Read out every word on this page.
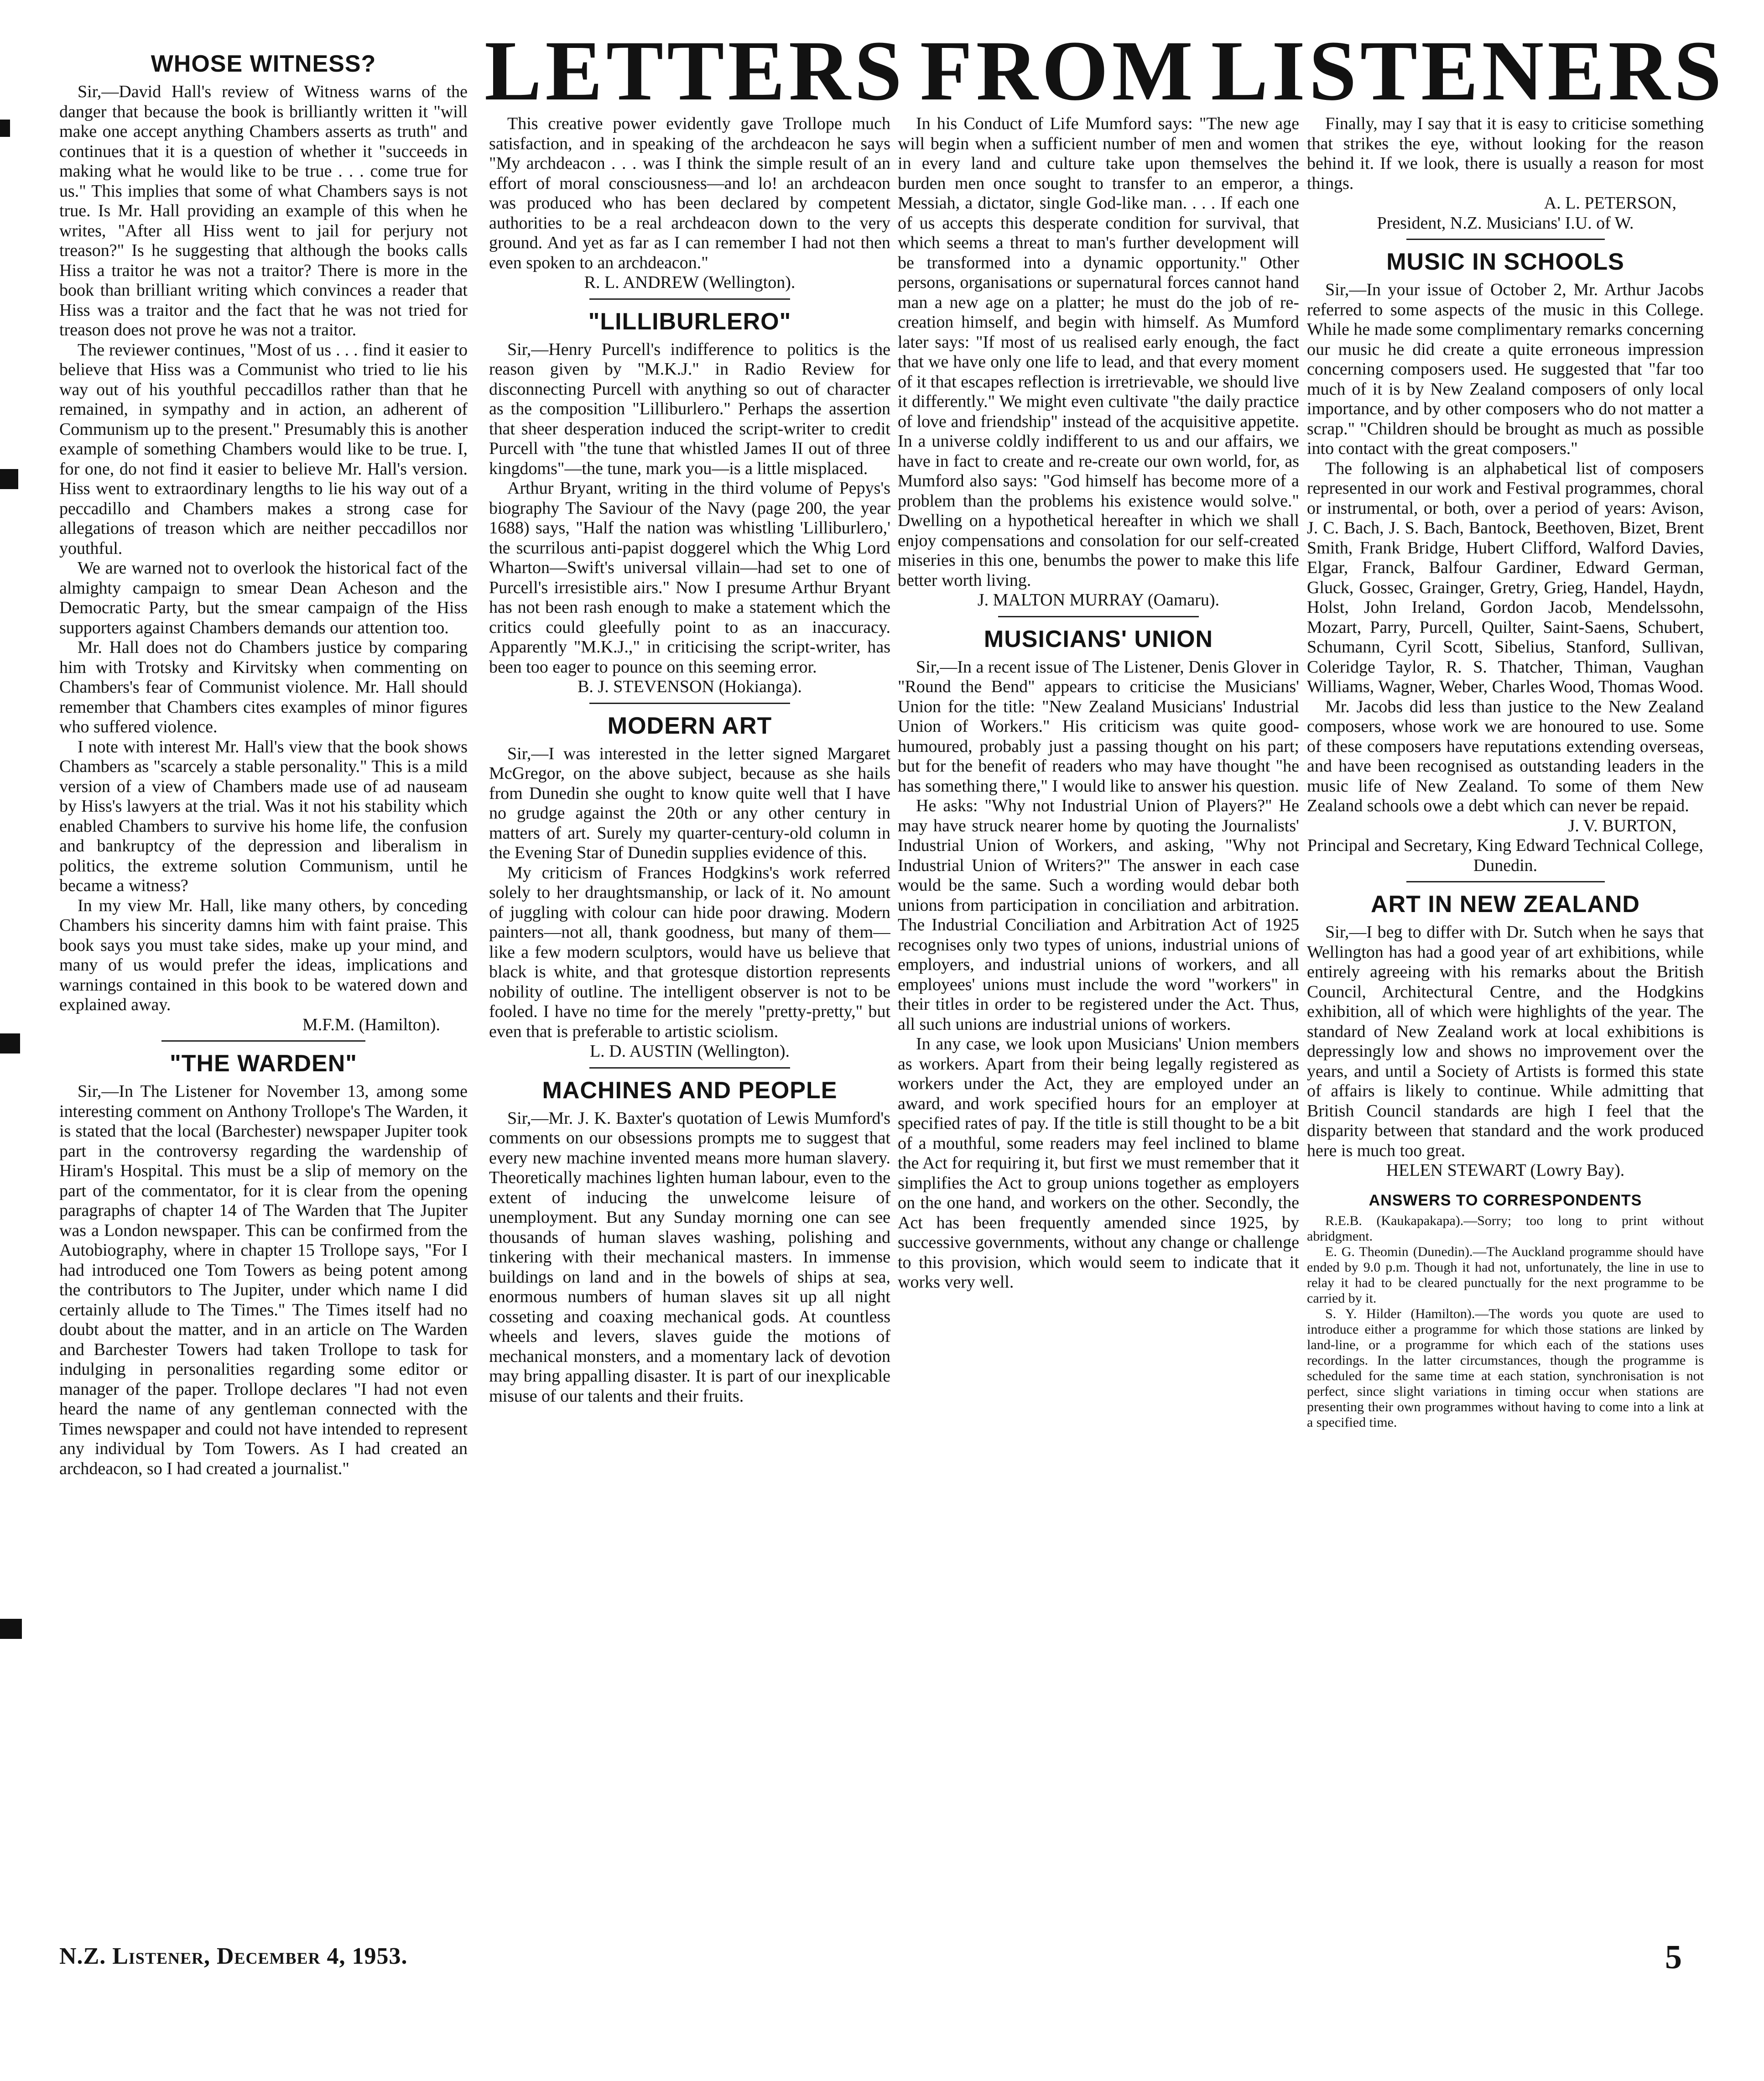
LETTERS FROM LISTENERS
WHOSE WITNESS?

Sir,—David Hall's review of Witness warns of the danger that because the book is brilliantly written it "will make one accept anything Chambers asserts as truth" and continues that it is a question of whether it "succeeds in making what he would like to be true . . . come true for us." This implies that some of what Chambers says is not true. Is Mr. Hall providing an example of this when he writes, "After all Hiss went to jail for perjury not treason?" Is he suggesting that although the books calls Hiss a traitor he was not a traitor? There is more in the book than brilliant writing which convinces a reader that Hiss was a traitor and the fact that he was not tried for treason does not prove he was not a traitor.

The reviewer continues, "Most of us . . . find it easier to believe that Hiss was a Communist who tried to lie his way out of his youthful peccadillos rather than that he remained, in sympathy and in action, an adherent of Communism up to the present." Presumably this is another example of something Chambers would like to be true. I, for one, do not find it easier to believe Mr. Hall's version. Hiss went to extraordinary lengths to lie his way out of a peccadillo and Chambers makes a strong case for allegations of treason which are neither peccadillos nor youthful.

We are warned not to overlook the historical fact of the almighty campaign to smear Dean Acheson and the Democratic Party, but the smear campaign of the Hiss supporters against Chambers demands our attention too.

Mr. Hall does not do Chambers justice by comparing him with Trotsky and Kirvitsky when commenting on Chambers's fear of Communist violence. Mr. Hall should remember that Chambers cites examples of minor figures who suffered violence.

I note with interest Mr. Hall's view that the book shows Chambers as "scarcely a stable personality." This is a mild version of a view of Chambers made use of ad nauseam by Hiss's lawyers at the trial. Was it not his stability which enabled Chambers to survive his home life, the confusion and bankruptcy of the depression and liberalism in politics, the extreme solution Communism, until he became a witness?

In my view Mr. Hall, like many others, by conceding Chambers his sincerity damns him with faint praise. This book says you must take sides, make up your mind, and many of us would prefer the ideas, implications and warnings contained in this book to be watered down and explained away.

M.F.M. (Hamilton).

"THE WARDEN"

Sir,—In The Listener for November 13, among some interesting comment on Anthony Trollope's The Warden, it is stated that the local (Barchester) newspaper Jupiter took part in the controversy regarding the wardenship of Hiram's Hospital. This must be a slip of memory on the part of the commentator, for it is clear from the opening paragraphs of chapter 14 of The Warden that The Jupiter was a London newspaper. This can be confirmed from the Autobiography, where in chapter 15 Trollope says, "For I had introduced one Tom Towers as being potent among the contributors to The Jupiter, under which name I did certainly allude to The Times." The Times itself had no doubt about the matter, and in an article on The Warden and Barchester Towers had taken Trollope to task for indulging in personalities regarding some editor or manager of the paper. Trollope declares "I had not even heard the name of any gentleman connected with the Times newspaper and could not have intended to represent any individual by Tom Towers. As I had created an archdeacon, so I had created a journalist."

This creative power evidently gave Trollope much satisfaction, and in speaking of the archdeacon he says "My archdeacon . . . was I think the simple result of an effort of moral consciousness—and lo! an archdeacon was produced who has been declared by competent authorities to be a real archdeacon down to the very ground. And yet as far as I can remember I had not then even spoken to an archdeacon."

R. L. ANDREW (Wellington).

"LILLIBURLERO"

Sir,—Henry Purcell's indifference to politics is the reason given by "M.K.J." in Radio Review for disconnecting Purcell with anything so out of character as the composition "Lilliburlero." Perhaps the assertion that sheer desperation induced the script-writer to credit Purcell with "the tune that whistled James II out of three kingdoms"—the tune, mark you—is a little misplaced.

Arthur Bryant, writing in the third volume of Pepys's biography The Saviour of the Navy (page 200, the year 1688) says, "Half the nation was whistling 'Lilliburlero,' the scurrilous anti-papist doggerel which the Whig Lord Wharton—Swift's universal villain—had set to one of Purcell's irresistible airs." Now I presume Arthur Bryant has not been rash enough to make a statement which the critics could gleefully point to as an inaccuracy. Apparently "M.K.J.," in criticising the script-writer, has been too eager to pounce on this seeming error.

B. J. STEVENSON (Hokianga).

MODERN ART

Sir,—I was interested in the letter signed Margaret McGregor, on the above subject, because as she hails from Dunedin she ought to know quite well that I have no grudge against the 20th or any other century in matters of art. Surely my quarter-century-old column in the Evening Star of Dunedin supplies evidence of this.

My criticism of Frances Hodgkins's work referred solely to her draughtsmanship, or lack of it. No amount of juggling with colour can hide poor drawing. Modern painters—not all, thank goodness, but many of them—like a few modern sculptors, would have us believe that black is white, and that grotesque distortion represents nobility of outline. The intelligent observer is not to be fooled. I have no time for the merely "pretty-pretty," but even that is preferable to artistic sciolism.

L. D. AUSTIN (Wellington).

MACHINES AND PEOPLE

Sir,—Mr. J. K. Baxter's quotation of Lewis Mumford's comments on our obsessions prompts me to suggest that every new machine invented means more human slavery. Theoretically machines lighten human labour, even to the extent of inducing the unwelcome leisure of unemployment. But any Sunday morning one can see thousands of human slaves washing, polishing and tinkering with their mechanical masters. In immense buildings on land and in the bowels of ships at sea, enormous numbers of human slaves sit up all night cosseting and coaxing mechanical gods. At countless wheels and levers, slaves guide the motions of mechanical monsters, and a momentary lack of devotion may bring appalling disaster. It is part of our inexplicable misuse of our talents and their fruits.

In his Conduct of Life Mumford says: "The new age will begin when a sufficient number of men and women in every land and culture take upon themselves the burden men once sought to transfer to an emperor, a Messiah, a dictator, single God-like man. . . . If each one of us accepts this desperate condition for survival, that which seems a threat to man's further development will be transformed into a dynamic opportunity." Other persons, organisations or supernatural forces cannot hand man a new age on a platter; he must do the job of re-creation himself, and begin with himself. As Mumford later says: "If most of us realised early enough, the fact that we have only one life to lead, and that every moment of it that escapes reflection is irretrievable, we should live it differently." We might even cultivate "the daily practice of love and friendship" instead of the acquisitive appetite. In a universe coldly indifferent to us and our affairs, we have in fact to create and re-create our own world, for, as Mumford also says: "God himself has become more of a problem than the problems his existence would solve." Dwelling on a hypothetical hereafter in which we shall enjoy compensations and consolation for our self-created miseries in this one, benumbs the power to make this life better worth living.

J. MALTON MURRAY (Oamaru).

MUSICIANS' UNION

Sir,—In a recent issue of The Listener, Denis Glover in "Round the Bend" appears to criticise the Musicians' Union for the title: "New Zealand Musicians' Industrial Union of Workers." His criticism was quite good-humoured, probably just a passing thought on his part; but for the benefit of readers who may have thought "he has something there," I would like to answer his question.

He asks: "Why not Industrial Union of Players?" He may have struck nearer home by quoting the Journalists' Industrial Union of Workers, and asking, "Why not Industrial Union of Writers?" The answer in each case would be the same. Such a wording would debar both unions from participation in conciliation and arbitration. The Industrial Conciliation and Arbitration Act of 1925 recognises only two types of unions, industrial unions of employers, and industrial unions of workers, and all employees' unions must include the word "workers" in their titles in order to be registered under the Act. Thus, all such unions are industrial unions of workers.

In any case, we look upon Musicians' Union members as workers. Apart from their being legally registered as workers under the Act, they are employed under an award, and work specified hours for an employer at specified rates of pay. If the title is still thought to be a bit of a mouthful, some readers may feel inclined to blame the Act for requiring it, but first we must remember that it simplifies the Act to group unions together as employers on the one hand, and workers on the other. Secondly, the Act has been frequently amended since 1925, by successive governments, without any change or challenge to this provision, which would seem to indicate that it works very well.

Finally, may I say that it is easy to criticise something that strikes the eye, without looking for the reason behind it. If we look, there is usually a reason for most things.

A. L. PETERSON,

President, N.Z. Musicians' I.U. of W.

MUSIC IN SCHOOLS

Sir,—In your issue of October 2, Mr. Arthur Jacobs referred to some aspects of the music in this College. While he made some complimentary remarks concerning our music he did create a quite erroneous impression concerning composers used. He suggested that "far too much of it is by New Zealand composers of only local importance, and by other composers who do not matter a scrap." "Children should be brought as much as possible into contact with the great composers."

The following is an alphabetical list of composers represented in our work and Festival programmes, choral or instrumental, or both, over a period of years: Avison, J. C. Bach, J. S. Bach, Bantock, Beethoven, Bizet, Brent Smith, Frank Bridge, Hubert Clifford, Walford Davies, Elgar, Franck, Balfour Gardiner, Edward German, Gluck, Gossec, Grainger, Gretry, Grieg, Handel, Haydn, Holst, John Ireland, Gordon Jacob, Mendelssohn, Mozart, Parry, Purcell, Quilter, Saint-Saens, Schubert, Schumann, Cyril Scott, Sibelius, Stanford, Sullivan, Coleridge Taylor, R. S. Thatcher, Thiman, Vaughan Williams, Wagner, Weber, Charles Wood, Thomas Wood.

Mr. Jacobs did less than justice to the New Zealand composers, whose work we are honoured to use. Some of these composers have reputations extending overseas, and have been recognised as outstanding leaders in the music life of New Zealand. To some of them New Zealand schools owe a debt which can never be repaid.

J. V. BURTON,

Principal and Secretary, King Edward Technical College, Dunedin.

ART IN NEW ZEALAND

Sir,—I beg to differ with Dr. Sutch when he says that Wellington has had a good year of art exhibitions, while entirely agreeing with his remarks about the British Council, Architectural Centre, and the Hodgkins exhibition, all of which were highlights of the year. The standard of New Zealand work at local exhibitions is depressingly low and shows no improvement over the years, and until a Society of Artists is formed this state of affairs is likely to continue. While admitting that British Council standards are high I feel that the disparity between that standard and the work produced here is much too great.

HELEN STEWART (Lowry Bay).

ANSWERS TO CORRESPONDENTS

R.E.B. (Kaukapakapa).—Sorry; too long to print without abridgment.

E. G. Theomin (Dunedin).—The Auckland programme should have ended by 9.0 p.m. Though it had not, unfortunately, the line in use to relay it had to be cleared punctually for the next programme to be carried by it.

S. Y. Hilder (Hamilton).—The words you quote are used to introduce either a programme for which those stations are linked by land-line, or a programme for which each of the stations uses recordings. In the latter circumstances, though the programme is scheduled for the same time at each station, synchronisation is not perfect, since slight variations in timing occur when stations are presenting their own programmes without having to come into a link at a specified time.

N.Z. Listener, December 4, 1953.	5
